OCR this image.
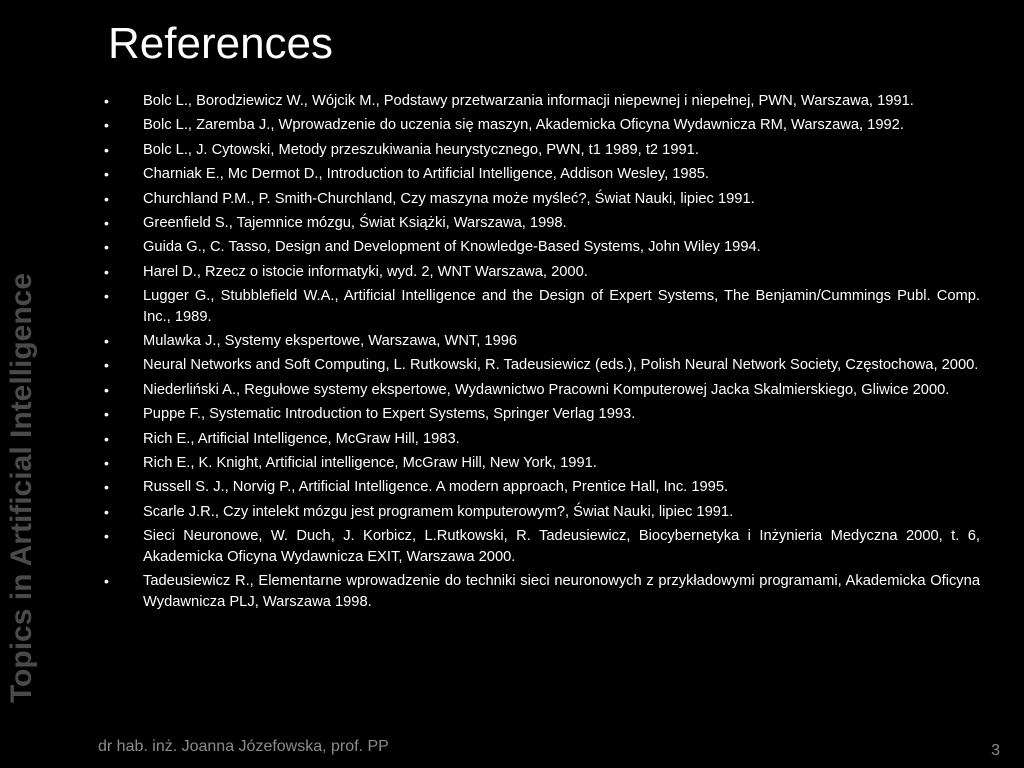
Topics in Artificial Intelligence
References
•	Bolc L., Borodziewicz W., Wójcik M., Podstawy przetwarzania informacji niepewnej i niepełnej, PWN, Warszawa, 1991.
•	Bolc L., Zaremba J., Wprowadzenie do uczenia się maszyn, Akademicka Oficyna Wydawnicza RM, Warszawa, 1992.
•	Bolc L., J. Cytowski, Metody przeszukiwania heurystycznego, PWN, t1 1989, t2 1991.
•	Charniak E., Mc Dermot D., Introduction to Artificial Intelligence, Addison Wesley, 1985.
•	Churchland P.M., P. Smith-Churchland, Czy maszyna może myśleć?, Świat Nauki, lipiec 1991.
•	Greenfield S., Tajemnice mózgu, Świat Książki, Warszawa, 1998.
•	Guida G., C. Tasso, Design and Development of Knowledge-Based Systems, John Wiley 1994.
•	Harel D., Rzecz o istocie informatyki, wyd. 2, WNT Warszawa, 2000.
•	Lugger G., Stubblefield W.A., Artificial Intelligence and the Design of Expert Systems, The Benjamin/Cummings Publ. Comp. Inc., 1989.
•	Mulawka J., Systemy ekspertowe, Warszawa, WNT, 1996
•	Neural Networks and Soft Computing, L. Rutkowski, R. Tadeusiewicz (eds.), Polish Neural Network Society, Częstochowa, 2000.
•	Niederliński A., Regułowe systemy ekspertowe, Wydawnictwo Pracowni Komputerowej Jacka Skalmierskiego, Gliwice 2000.
•	Puppe F., Systematic Introduction to Expert Systems, Springer Verlag 1993.
•	Rich E., Artificial Intelligence, McGraw Hill, 1983.
•	Rich E., K. Knight, Artificial intelligence, McGraw Hill, New York, 1991.
•	Russell S. J., Norvig P., Artificial Intelligence. A modern approach, Prentice Hall, Inc. 1995.
•	Scarle J.R., Czy intelekt mózgu jest programem komputerowym?, Świat Nauki, lipiec 1991.
•	Sieci Neuronowe, W. Duch, J. Korbicz, L.Rutkowski, R. Tadeusiewicz, Biocybernetyka i Inżynieria Medyczna 2000, t. 6, Akademicka Oficyna Wydawnicza EXIT, Warszawa 2000.
•	Tadeusiewicz R., Elementarne wprowadzenie do techniki sieci neuronowych z przykładowymi programami, Akademicka Oficyna Wydawnicza PLJ, Warszawa 1998.
dr hab. inż. Joanna Józefowska, prof. PP	3
